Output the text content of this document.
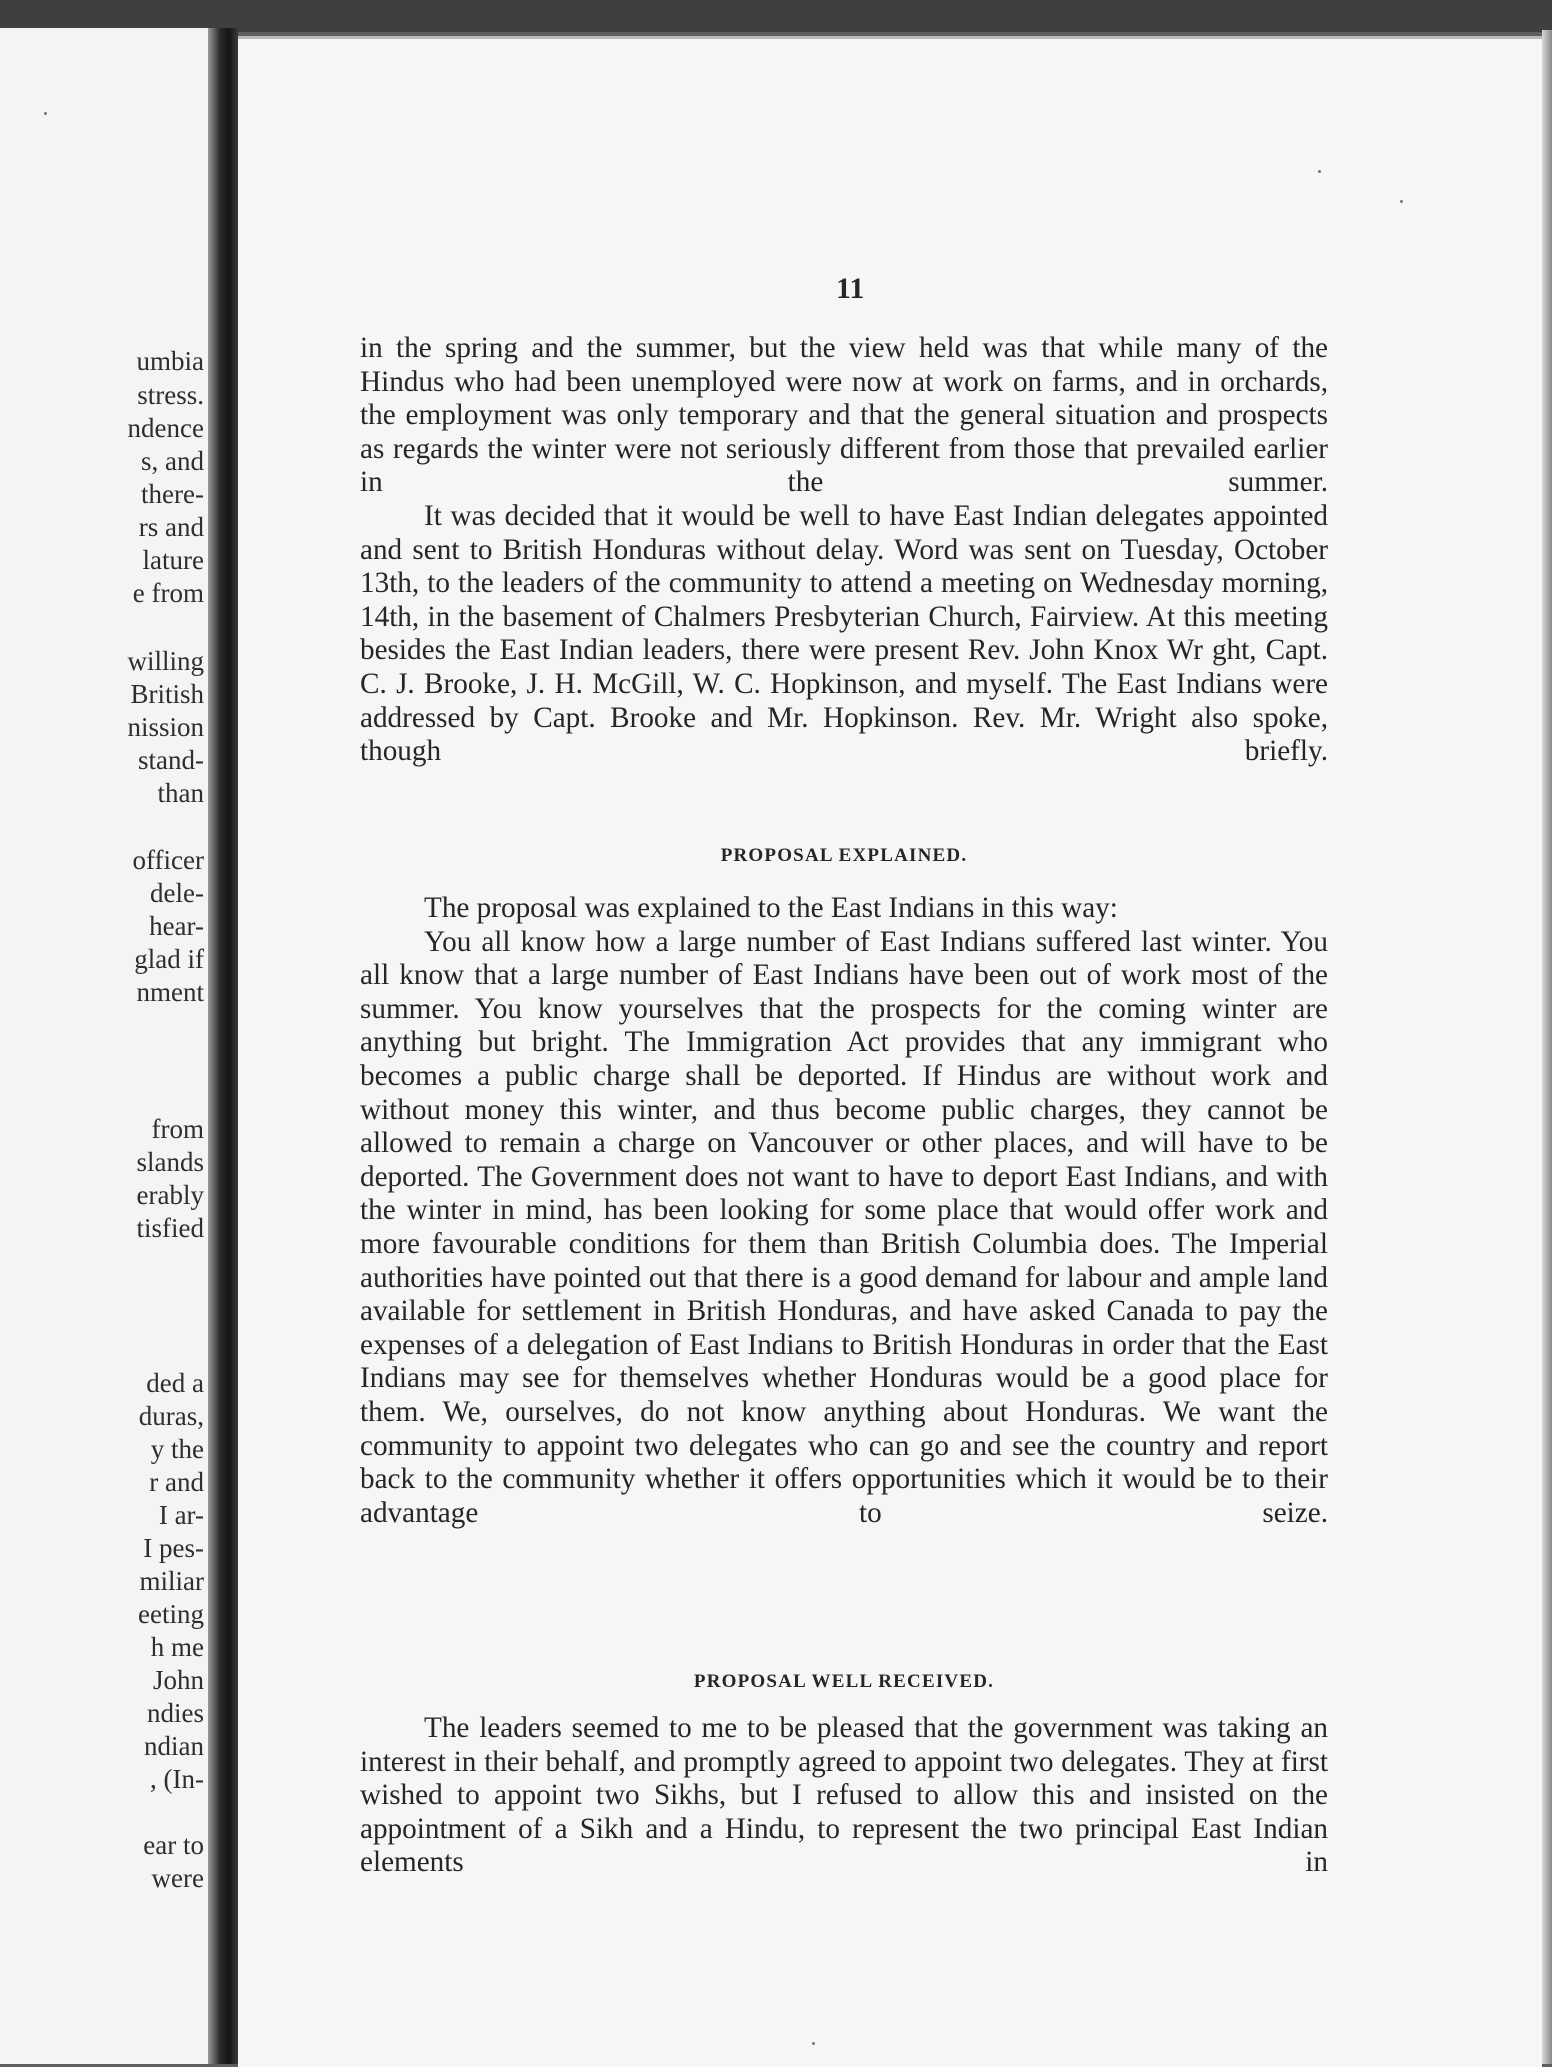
umbia
stress.
ndence
s, and
there-
rs and
lature
e from
willing
British
nission
stand-
than
officer
dele-
hear-
glad if
nment
from
slands
erably
tisfied
ded a
duras,
y the
r and
I ar-
I pes-
miliar
eeting
h me
John
ndies
ndian
, (In-
ear to
were
11

in the spring and the summer, but the view held was that while many of the Hindus who had been unemployed were now at work on farms, and in orchards, the employment was only temporary and that the general situation and prospects as regards the winter were not seriously different from those that prevailed earlier in the summer.

It was decided that it would be well to have East Indian delegates appointed and sent to British Honduras without delay. Word was sent on Tuesday, October 13th, to the leaders of the community to attend a meeting on Wednesday morning, 14th, in the basement of Chalmers Presbyterian Church, Fairview. At this meeting besides the East Indian leaders, there were present Rev. John Knox Wr ght, Capt. C. J. Brooke, J. H. McGill, W. C. Hopkinson, and myself. The East Indians were addressed by Capt. Brooke and Mr. Hopkinson. Rev. Mr. Wright also spoke, though briefly.

PROPOSAL EXPLAINED.

The proposal was explained to the East Indians in this way:

You all know how a large number of East Indians suffered last winter. You all know that a large number of East Indians have been out of work most of the summer. You know yourselves that the prospects for the coming winter are anything but bright. The Immigration Act provides that any immigrant who becomes a public charge shall be deported. If Hindus are without work and without money this winter, and thus become public charges, they cannot be allowed to remain a charge on Vancouver or other places, and will have to be deported. The Government does not want to have to deport East Indians, and with the winter in mind, has been looking for some place that would offer work and more favourable conditions for them than British Columbia does. The Imperial authorities have pointed out that there is a good demand for labour and ample land available for settlement in British Honduras, and have asked Canada to pay the expenses of a delegation of East Indians to British Honduras in order that the East Indians may see for themselves whether Honduras would be a good place for them. We, ourselves, do not know anything about Honduras. We want the community to appoint two delegates who can go and see the country and report back to the community whether it offers opportunities which it would be to their advantage to seize.

PROPOSAL WELL RECEIVED.

The leaders seemed to me to be pleased that the government was taking an interest in their behalf, and promptly agreed to appoint two delegates. They at first wished to appoint two Sikhs, but I refused to allow this and insisted on the appointment of a Sikh and a Hindu, to represent the two principal East Indian elements in
